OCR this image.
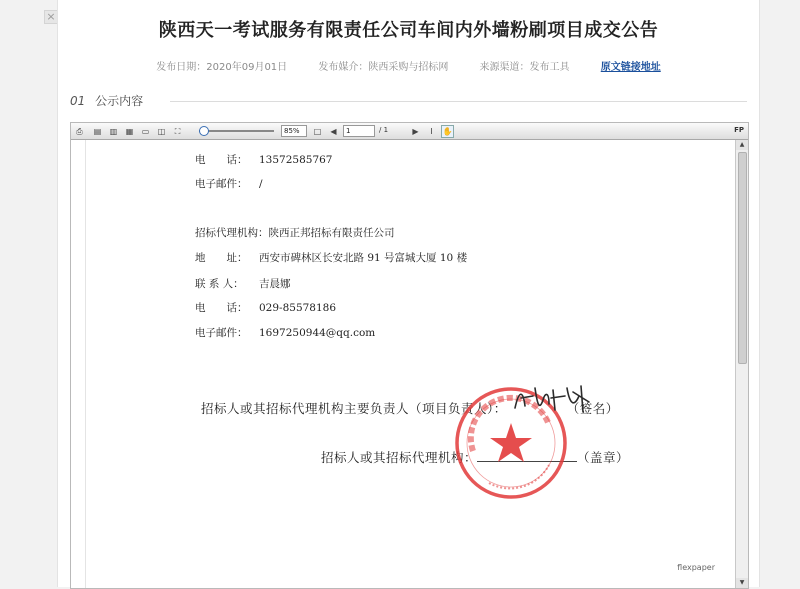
×
陕西天一考试服务有限责任公司车间内外墙粉刷项目成交公告
发布日期：2020年09月01日	发布媒介：陕西采购与招标网	来源渠道：发布工具	原文链接地址
01 公示内容
⎙	▤	▥	▦	▭	◫	⛶	85%	□	◀	1	/ 1	▶	I	✋	FP
电　　话： 13572585767
电子邮件： /
招标代理机构：陕西正邦招标有限责任公司
地　　址： 西安市碑林区长安北路 91 号富城大厦 10 楼
联 系 人： 吉晨娜
电　　话： 029-85578186
电子邮件： 1697250944@qq.com
招标人或其招标代理机构主要负责人（项目负责人）：	（签名）
招标人或其招标代理机构：	（盖章）
flexpaper
▲
▼
